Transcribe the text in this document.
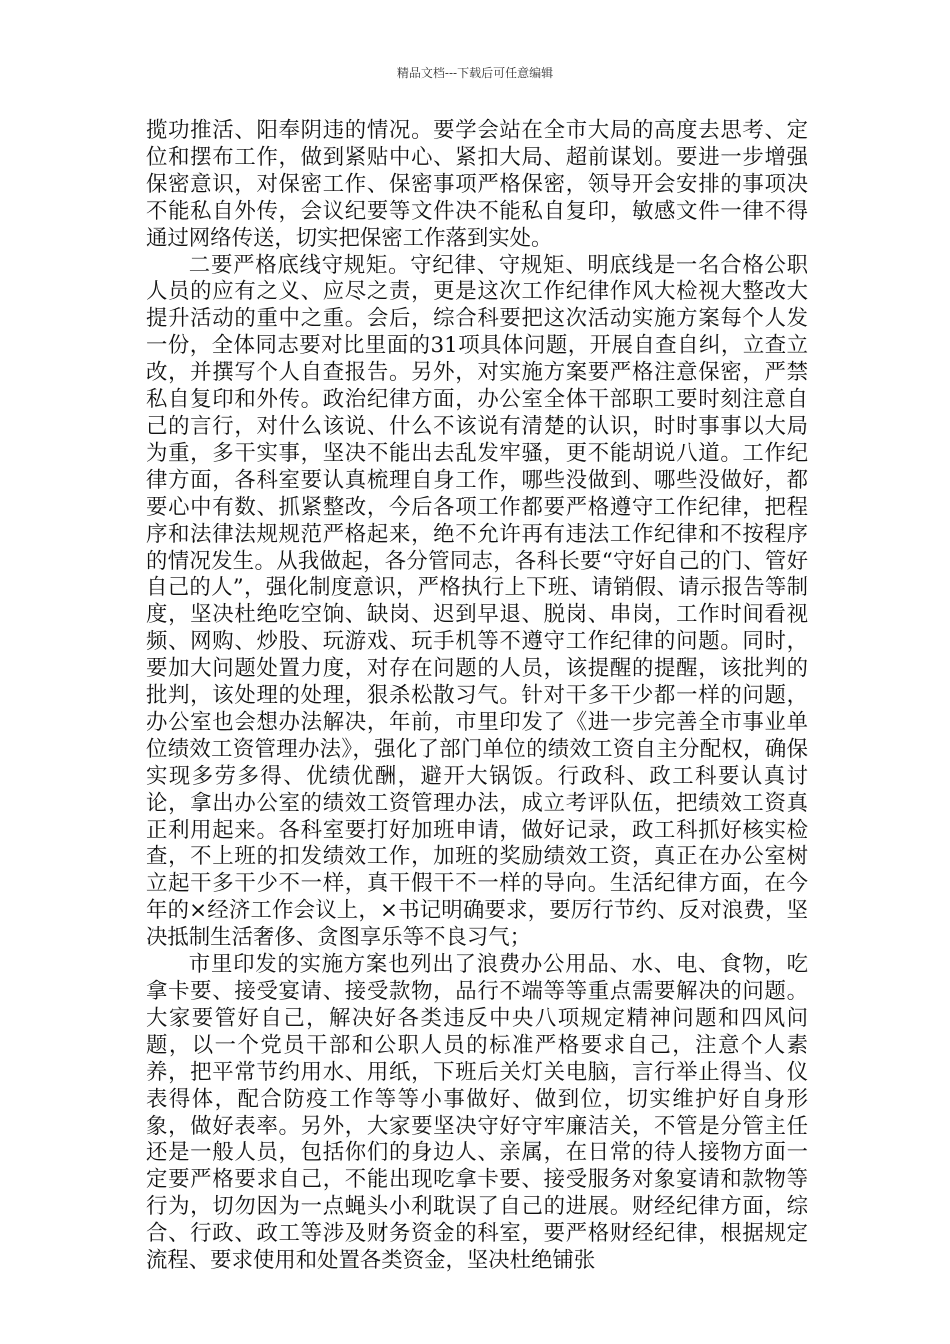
精品文档---下载后可任意编辑

揽功推活、阳奉阴违的情况。要学会站在全市大局的高度去思考、定位和摆布工作，做到紧贴中心、紧扣大局、超前谋划。要进一步增强保密意识，对保密工作、保密事项严格保密，领导开会安排的事项决不能私自外传，会议纪要等文件决不能私自复印，敏感文件一律不得通过网络传送，切实把保密工作落到实处。

二要严格底线守规矩。守纪律、守规矩、明底线是一名合格公职人员的应有之义、应尽之责，更是这次工作纪律作风大检视大整改大提升活动的重中之重。会后，综合科要把这次活动实施方案每个人发一份，全体同志要对比里面的31项具体问题，开展自查自纠，立查立改，并撰写个人自查报告。另外，对实施方案要严格注意保密，严禁私自复印和外传。政治纪律方面，办公室全体干部职工要时刻注意自己的言行，对什么该说、什么不该说有清楚的认识，时时事事以大局为重，多干实事，坚决不能出去乱发牢骚，更不能胡说八道。工作纪律方面，各科室要认真梳理自身工作，哪些没做到、哪些没做好，都要心中有数、抓紧整改，今后各项工作都要严格遵守工作纪律，把程序和法律法规规范严格起来，绝不允许再有违法工作纪律和不按程序的情况发生。从我做起，各分管同志，各科长要“守好自己的门、管好自己的人”，强化制度意识，严格执行上下班、请销假、请示报告等制度，坚决杜绝吃空饷、缺岗、迟到早退、脱岗、串岗，工作时间看视频、网购、炒股、玩游戏、玩手机等不遵守工作纪律的问题。同时，要加大问题处置力度，对存在问题的人员，该提醒的提醒，该批判的批判，该处理的处理，狠杀松散习气。针对干多干少都一样的问题，办公室也会想办法解决，年前，市里印发了《进一步完善全市事业单位绩效工资管理办法》，强化了部门单位的绩效工资自主分配权，确保实现多劳多得、优绩优酬，避开大锅饭。行政科、政工科要认真讨论，拿出办公室的绩效工资管理办法，成立考评队伍，把绩效工资真正利用起来。各科室要打好加班申请，做好记录，政工科抓好核实检查，不上班的扣发绩效工作，加班的奖励绩效工资，真正在办公室树立起干多干少不一样，真干假干不一样的导向。生活纪律方面，在今年的×经济工作会议上，×书记明确要求，要厉行节约、反对浪费，坚决抵制生活奢侈、贪图享乐等不良习气；

市里印发的实施方案也列出了浪费办公用品、水、电、食物，吃拿卡要、接受宴请、接受款物，品行不端等等重点需要解决的问题。大家要管好自己，解决好各类违反中央八项规定精神问题和四风问题，以一个党员干部和公职人员的标准严格要求自己，注意个人素养，把平常节约用水、用纸，下班后关灯关电脑，言行举止得当、仪表得体，配合防疫工作等等小事做好、做到位，切实维护好自身形象，做好表率。另外，大家要坚决守好守牢廉洁关，不管是分管主任还是一般人员，包括你们的身边人、亲属，在日常的待人接物方面一定要严格要求自己，不能出现吃拿卡要、接受服务对象宴请和款物等行为，切勿因为一点蝇头小利耽误了自己的进展。财经纪律方面，综合、行政、政工等涉及财务资金的科室，要严格财经纪律，根据规定流程、要求使用和处置各类资金，坚决杜绝铺张
